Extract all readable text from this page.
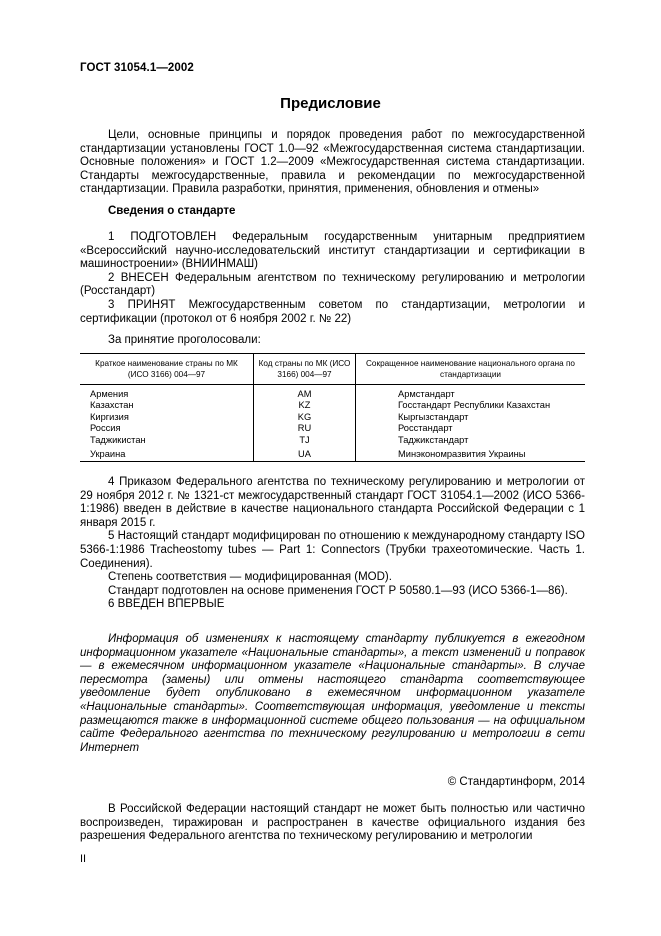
ГОСТ 31054.1—2002
Предисловие

Цели, основные принципы и порядок проведения работ по межгосударственной стандартизации установлены ГОСТ 1.0—92 «Межгосударственная система стандартизации. Основные положения» и ГОСТ 1.2—2009 «Межгосударственная система стандартизации. Стандарты межгосударственные, правила и рекомендации по межгосударственной стандартизации. Правила разработки, принятия, применения, обновления и отмены»

Сведения о стандарте

1 ПОДГОТОВЛЕН Федеральным государственным унитарным предприятием «Всероссийский научно-исследовательский институт стандартизации и сертификации в машиностроении» (ВНИИНМАШ)

2 ВНЕСЕН Федеральным агентством по техническому регулированию и метрологии (Росстандарт)

3 ПРИНЯТ Межгосударственным советом по стандартизации, метрологии и сертификации (протокол от 6 ноября 2002 г. № 22)

За принятие проголосовали:
Краткое наименование страны по МК (ИСО 3166) 004—97	Код страны по МК (ИСО 3166) 004—97	Сокращенное наименование национального органа по стандартизации
Армения	AM	Армстандарт
Казахстан	KZ	Госстандарт Республики Казахстан
Киргизия	KG	Кыргызстандарт
Россия	RU	Росстандарт
Таджикистан	TJ	Таджикстандарт
Украина	UA	Минэкономразвития Украины

4 Приказом Федерального агентства по техническому регулированию и метрологии от 29 ноября 2012 г. № 1321-ст межгосударственный стандарт ГОСТ 31054.1—2002 (ИСО 5366-1:1986) введен в действие в качестве национального стандарта Российской Федерации с 1 января 2015 г.

5 Настоящий стандарт модифицирован по отношению к международному стандарту ISO 5366-1:1986 Tracheostomy tubes — Part 1: Connectors (Трубки трахеотомические. Часть 1. Соединения).

Степень соответствия — модифицированная (MOD).

Стандарт подготовлен на основе применения ГОСТ Р 50580.1—93 (ИСО 5366-1—86).

6 ВВЕДЕН ВПЕРВЫЕ

Информация об изменениях к настоящему стандарту публикуется в ежегодном информационном указателе «Национальные стандарты», а текст изменений и поправок — в ежемесячном информационном указателе «Национальные стандарты». В случае пересмотра (замены) или отмены настоящего стандарта соответствующее уведомление будет опубликовано в ежемесячном информационном указателе «Национальные стандарты». Соответствующая информация, уведомление и тексты размещаются также в информационной системе общего пользования — на официальном сайте Федерального агентства по техническому регулированию и метрологии в сети Интернет

© Стандартинформ, 2014

В Российской Федерации настоящий стандарт не может быть полностью или частично воспроизведен, тиражирован и распространен в качестве официального издания без разрешения Федерального агентства по техническому регулированию и метрологии

II
